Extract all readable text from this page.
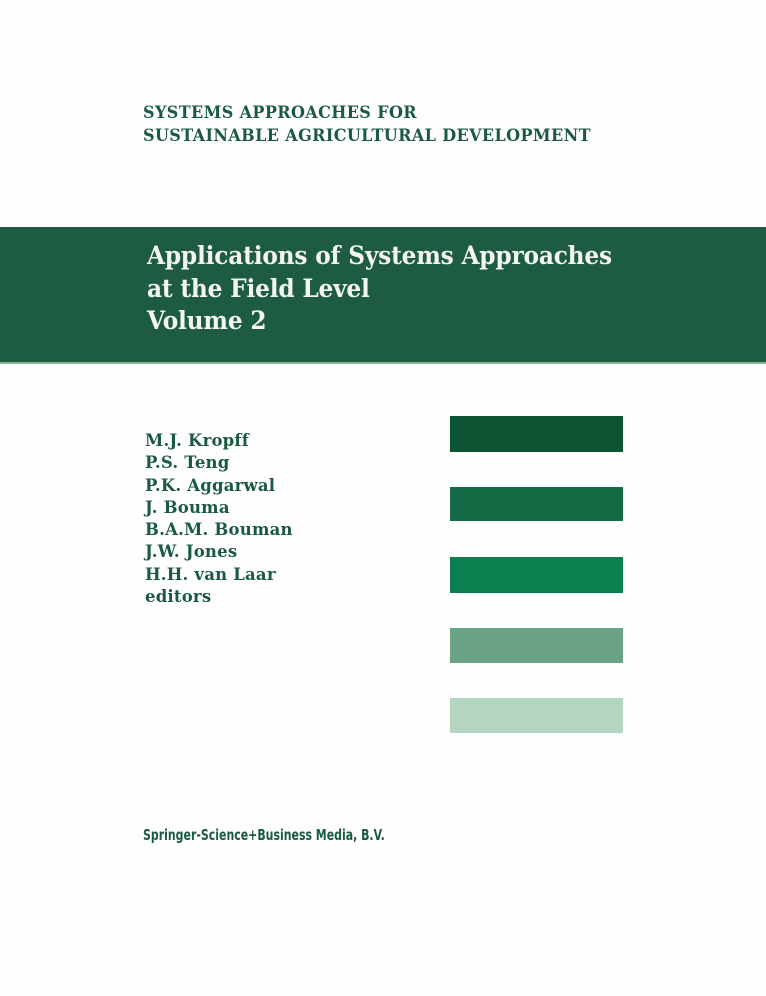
SYSTEMS APPROACHES FOR
SUSTAINABLE AGRICULTURAL DEVELOPMENT
Applications of Systems Approaches
at the Field Level
Volume 2
M.J. Kropff
P.S. Teng
P.K. Aggarwal
J. Bouma
B.A.M. Bouman
J.W. Jones
H.H. van Laar
editors
Springer-Science+Business Media, B.V.
